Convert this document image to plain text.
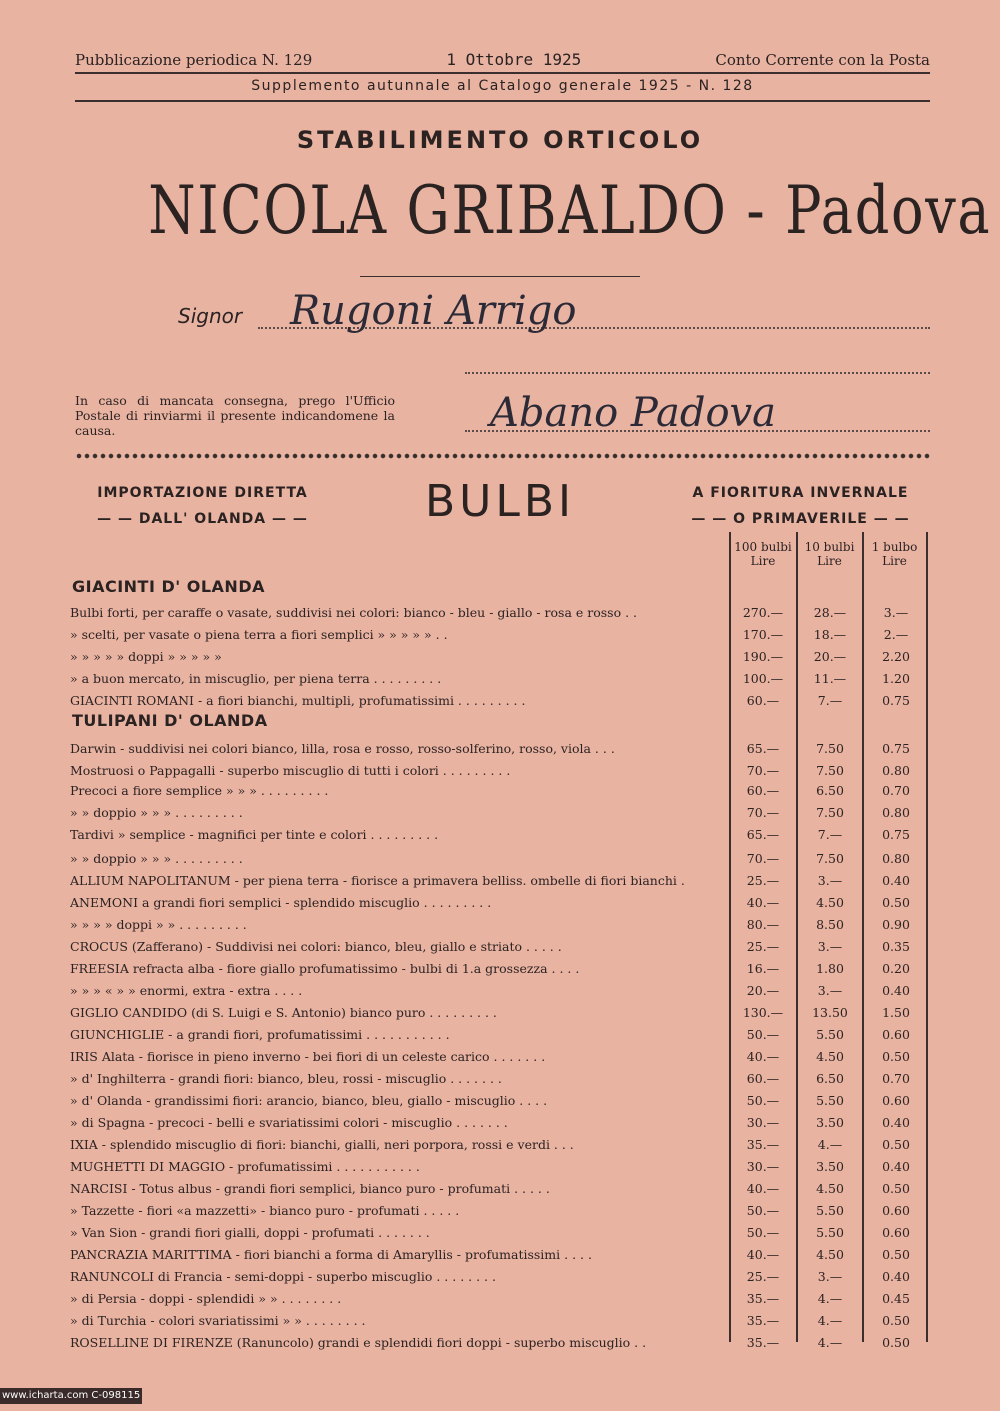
Pubblicazione periodica N. 129	1 Ottobre 1925	Conto Corrente con la Posta
Supplemento autunnale al Catalogo generale 1925 - N. 128
STABILIMENTO ORTICOLO
NICOLA GRIBALDO - Padova
Signor Rugoni Arrigo
Abano Padova
In caso di mancata consegna, prego l'Ufficio Postale di rinviarmi il presente indicandomene la causa.
IMPORTAZIONE DIRETTA
— — DALL' OLANDA — —	BULBI	A FIORITURA INVERNALE
— — O PRIMAVERILE — —
100 bulbi Lire
10 bulbi Lire
1 bulbo Lire
GIACINTI D' OLANDA
TULIPANI D' OLANDA
Bulbi forti, per caraffe o vasate, suddivisi nei colori: bianco - bleu - giallo - rosa e rosso . .	270.—	28.—	3.—
» scelti, per vasate o piena terra a fiori semplici » » » » » . .	170.—	18.—	2.—
» » » » » doppi » » » » »	190.—	20.—	2.20
» a buon mercato, in miscuglio, per piena terra . . . . . . . . .	100.—	11.—	1.20
GIACINTI ROMANI - a fiori bianchi, multipli, profumatissimi . . . . . . . . .	60.—	7.—	0.75
Darwin - suddivisi nei colori bianco, lilla, rosa e rosso, rosso-solferino, rosso, viola . . .	65.—	7.50	0.75
Mostruosi o Pappagalli - superbo miscuglio di tutti i colori . . . . . . . . .	70.—	7.50	0.80
Precoci a fiore semplice » » » . . . . . . . . .	60.—	6.50	0.70
» » doppio » » » . . . . . . . . .	70.—	7.50	0.80
Tardivi » semplice - magnifici per tinte e colori . . . . . . . . .	65.—	7.—	0.75
» » doppio » » » . . . . . . . . .	70.—	7.50	0.80
ALLIUM NAPOLITANUM - per piena terra - fiorisce a primavera belliss. ombelle di fiori bianchi .	25.—	3.—	0.40
ANEMONI a grandi fiori semplici - splendido miscuglio . . . . . . . . .	40.—	4.50	0.50
» » » » doppi » » . . . . . . . . .	80.—	8.50	0.90
CROCUS (Zafferano) - Suddivisi nei colori: bianco, bleu, giallo e striato . . . . .	25.—	3.—	0.35
FREESIA refracta alba - fiore giallo profumatissimo - bulbi di 1.a grossezza . . . .	16.—	1.80	0.20
» » » « » » enormi, extra - extra . . . .	20.—	3.—	0.40
GIGLIO CANDIDO (di S. Luigi e S. Antonio) bianco puro . . . . . . . . .	130.—	13.50	1.50
GIUNCHIGLIE - a grandi fiori, profumatissimi . . . . . . . . . . .	50.—	5.50	0.60
IRIS Alata - fiorisce in pieno inverno - bei fiori di un celeste carico . . . . . . .	40.—	4.50	0.50
» d' Inghilterra - grandi fiori: bianco, bleu, rossi - miscuglio . . . . . . .	60.—	6.50	0.70
» d' Olanda - grandissimi fiori: arancio, bianco, bleu, giallo - miscuglio . . . .	50.—	5.50	0.60
» di Spagna - precoci - belli e svariatissimi colori - miscuglio . . . . . . .	30.—	3.50	0.40
IXIA - splendido miscuglio di fiori: bianchi, gialli, neri porpora, rossi e verdi . . .	35.—	4.—	0.50
MUGHETTI DI MAGGIO - profumatissimi . . . . . . . . . . .	30.—	3.50	0.40
NARCISI - Totus albus - grandi fiori semplici, bianco puro - profumati . . . . .	40.—	4.50	0.50
» Tazzette - fiori «a mazzetti» - bianco puro - profumati . . . . .	50.—	5.50	0.60
» Van Sion - grandi fiori gialli, doppi - profumati . . . . . . .	50.—	5.50	0.60
PANCRAZIA MARITTIMA - fiori bianchi a forma di Amaryllis - profumatissimi . . . .	40.—	4.50	0.50
RANUNCOLI di Francia - semi-doppi - superbo miscuglio . . . . . . . .	25.—	3.—	0.40
» di Persia - doppi - splendidi » » . . . . . . . .	35.—	4.—	0.45
» di Turchia - colori svariatissimi » » . . . . . . . .	35.—	4.—	0.50
ROSELLINE DI FIRENZE (Ranuncolo) grandi e splendidi fiori doppi - superbo miscuglio . .	35.—	4.—	0.50
www.icharta.com C-098115
